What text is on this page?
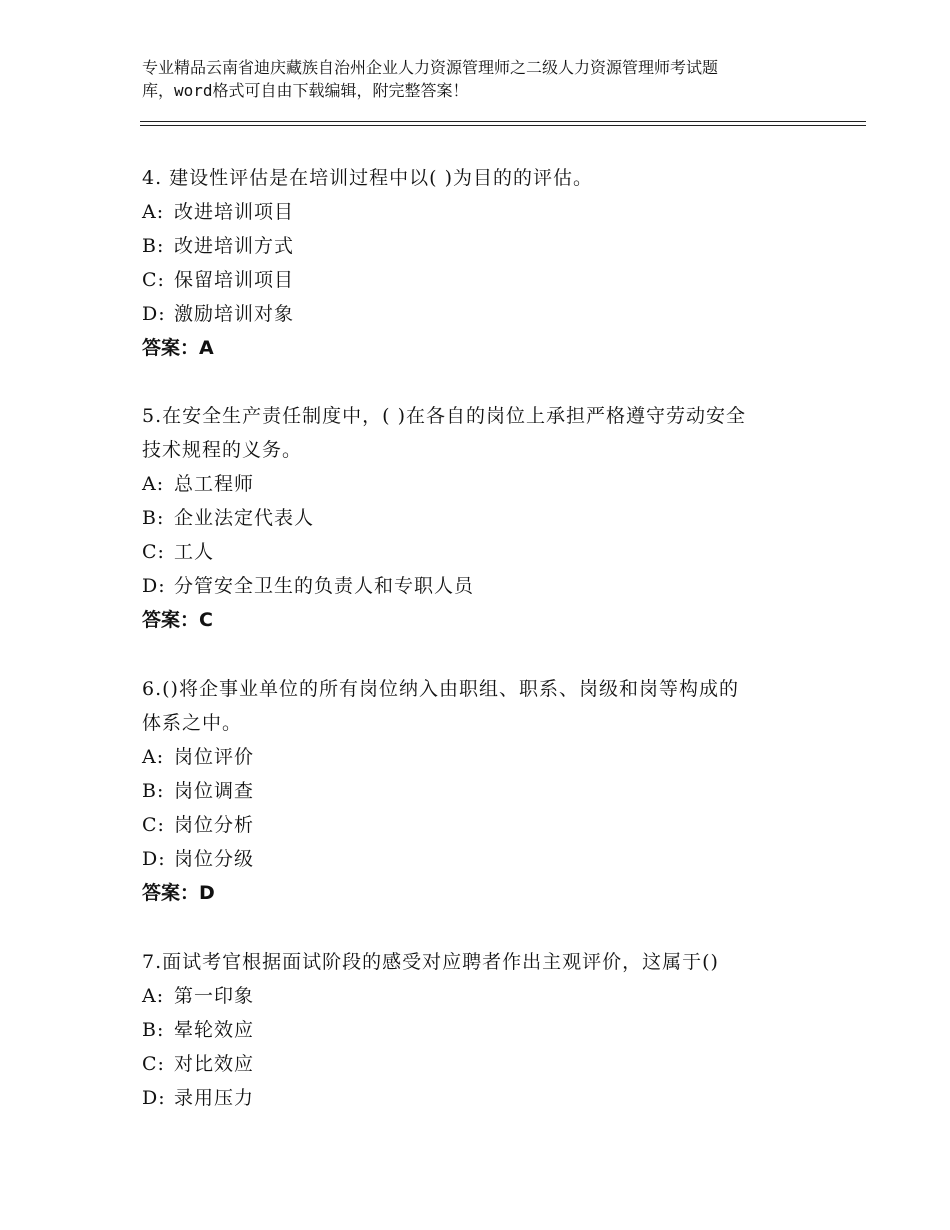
专业精品云南省迪庆藏族自治州企业人力资源管理师之二级人力资源管理师考试题
库，word格式可自由下载编辑，附完整答案！

4. 建设性评估是在培训过程中以( )为目的的评估。

A: 改进培训项目

B: 改进培训方式

C: 保留培训项目

D: 激励培训对象

答案：A

5.在安全生产责任制度中，( )在各自的岗位上承担严格遵守劳动安全

技术规程的义务。

A: 总工程师

B: 企业法定代表人

C: 工人

D: 分管安全卫生的负责人和专职人员

答案：C

6.()将企事业单位的所有岗位纳入由职组、职系、岗级和岗等构成的

体系之中。

A: 岗位评价

B: 岗位调查

C: 岗位分析

D: 岗位分级

答案：D

7.面试考官根据面试阶段的感受对应聘者作出主观评价，这属于()

A: 第一印象

B: 晕轮效应

C: 对比效应

D: 录用压力
